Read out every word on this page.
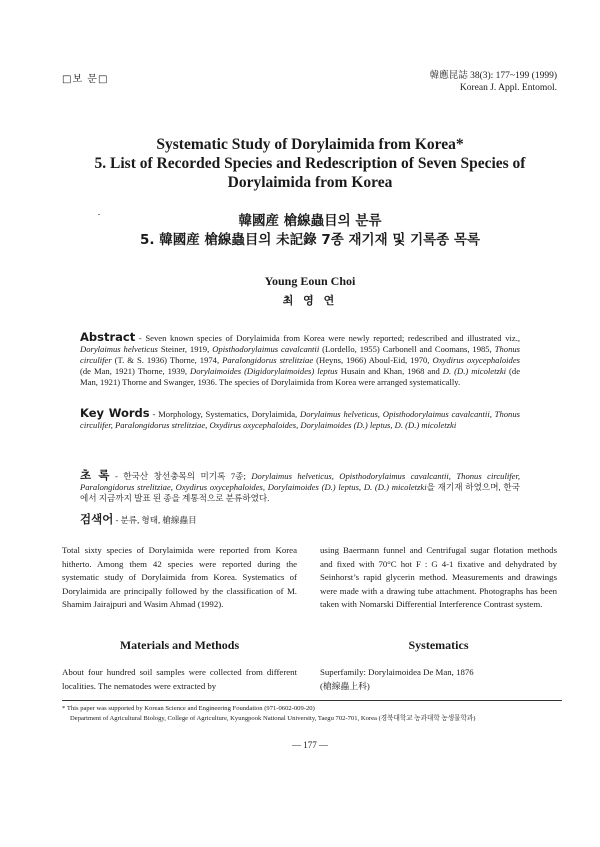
□보 문□	韓應昆誌 38(3): 177~199 (1999)
Korean J. Appl. Entomol.
Systematic Study of Dorylaimida from Korea*
5. List of Recorded Species and Redescription of Seven Species of
Dorylaimida from Korea
韓國産 槍線蟲目의 분류
5. 韓國産 槍線蟲目의 未記錄 7종 재기재 및 기록종 목록
Young Eoun Choi
최 영 연
Abstract - Seven known species of Dorylaimida from Korea were newly reported; redescribed and illustrated viz., Dorylaimus helveticus Steiner, 1919, Opisthodorylaimus cavalcantii (Lordello, 1955) Carbonell and Coomans, 1985, Thonus circulifer (T. & S. 1936) Thorne, 1974, Paralongidorus strelitziae (Heyns, 1966) Aboul-Eid, 1970, Oxydirus oxycephaloides (de Man, 1921) Thorne, 1939, Dorylaimoides (Digidorylaimoides) leptus Husain and Khan, 1968 and D. (D.) micoletzki (de Man, 1921) Thorne and Swanger, 1936. The species of Dorylaimida from Korea were arranged systematically.
Key Words - Morphology, Systematics, Dorylaimida, Dorylaimus helveticus, Opisthodorylaimus cavalcantii, Thonus circulifer, Paralongidorus strelitziae, Oxydirus oxycephaloides, Dorylaimoides (D.) leptus, D. (D.) micoletzki
초 록 - 한국산 창선충목의 미기록 7종; Dorylaimus helveticus, Opisthodorylaimus cavalcantii, Thonus circulifer, Paralongidorus strelitziae, Oxydirus oxycephaloides, Dorylaimoides (D.) leptus, D. (D.) micoletzki을 재기재 하였으며, 한국에서 지금까지 발표 된 종을 계통적으로 분류하였다.
검색어 - 분류, 형태, 槍線蟲目
Total sixty species of Dorylaimida were reported from Korea hitherto. Among them 42 species were reported during the systematic study of Dorylaimida from Korea. Systematics of Dorylaimida are principally followed by the classification of M. Shamim Jairajpuri and Wasim Ahmad (1992).
Materials and Methods
About four hundred soil samples were collected from different localities. The nematodes were extracted by
using Baermann funnel and Centrifugal sugar flotation methods and fixed with 70°C hot F : G 4-1 fixative and dehydrated by Seinhorst’s rapid glycerin method. Measurements and drawings were made with a drawing tube attachment. Photographs has been taken with Nomarski Differential Interference Contrast system.
Systematics
Superfamily: Dorylaimoidea De Man, 1876
(槍線蟲上科)
* This paper was supported by Korean Science and Engineering Foundation (971-0602-009-20)
Department of Agricultural Biology, College of Agriculture, Kyungpook National University, Taegu 702-701, Korea (경북대학교 농과대학 농생물학과)
— 177 —
